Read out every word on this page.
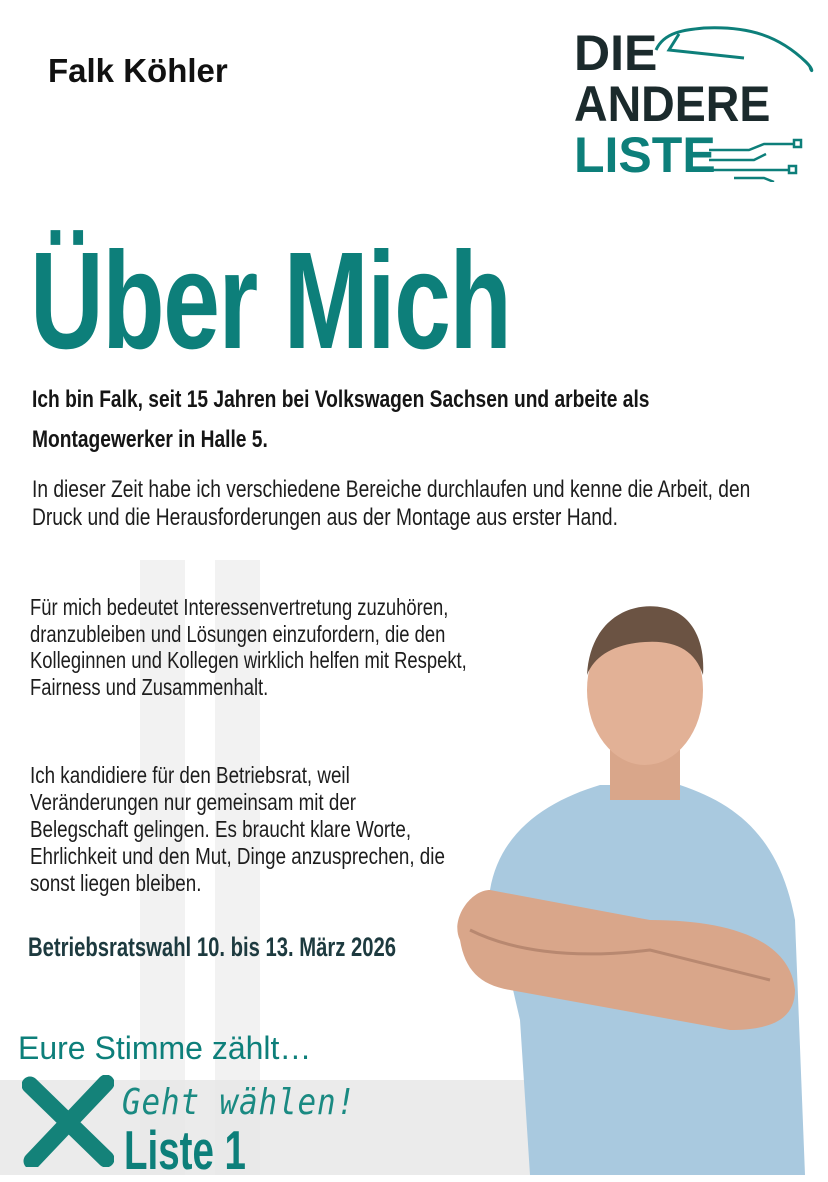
Falk Köhler	DIE
ANDERE
LISTE
Über Mich

Ich bin Falk, seit 15 Jahren bei Volkswagen Sachsen und arbeite als Montagewerker in Halle 5.

In dieser Zeit habe ich verschiedene Bereiche durchlaufen und kenne die Arbeit, den Druck und die Herausforderungen aus der Montage aus erster Hand.

Für mich bedeutet Interessenvertretung zuzuhören, dranzubleiben und Lösungen einzufordern, die den Kolleginnen und Kollegen wirklich helfen mit Respekt, Fairness und Zusammenhalt.

Ich kandidiere für den Betriebsrat, weil Veränderungen nur gemeinsam mit der Belegschaft gelingen. Es braucht klare Worte, Ehrlichkeit und den Mut, Dinge anzusprechen, die sonst liegen bleiben.

Betriebsratswahl 10. bis 13. März 2026
Eure Stimme zählt…
Geht wählen!
Liste 1
